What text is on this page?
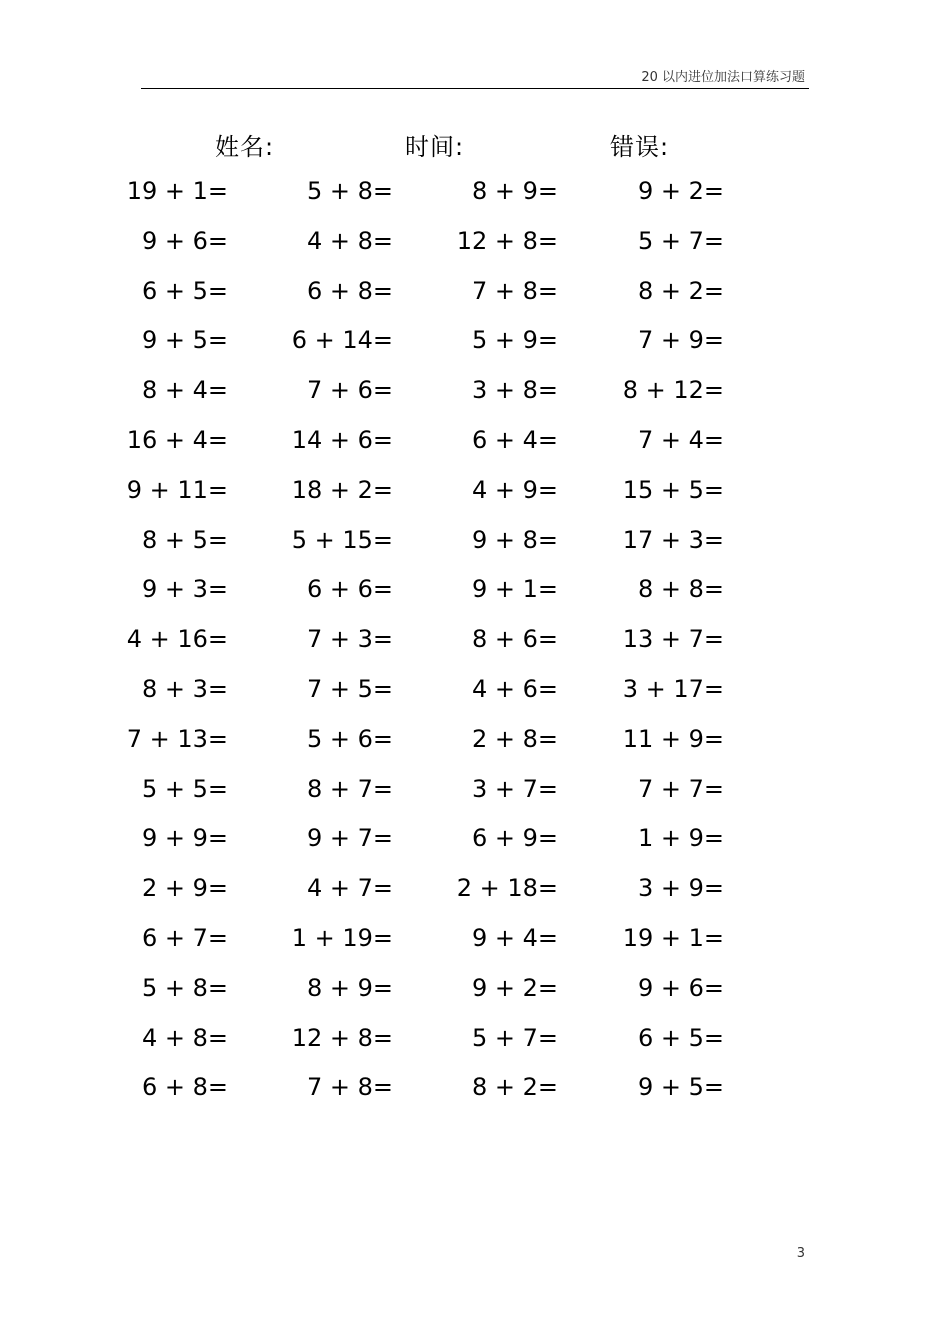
20 以内进位加法口算练习题
姓名:	时间:	错误:
19 + 1=	5 + 8=	8 + 9=	9 + 2=
9 + 6=	4 + 8=	12 + 8=	5 + 7=
6 + 5=	6 + 8=	7 + 8=	8 + 2=
9 + 5=	6 + 14=	5 + 9=	7 + 9=
8 + 4=	7 + 6=	3 + 8=	8 + 12=
16 + 4=	14 + 6=	6 + 4=	7 + 4=
9 + 11=	18 + 2=	4 + 9=	15 + 5=
8 + 5=	5 + 15=	9 + 8=	17 + 3=
9 + 3=	6 + 6=	9 + 1=	8 + 8=
4 + 16=	7 + 3=	8 + 6=	13 + 7=
8 + 3=	7 + 5=	4 + 6=	3 + 17=
7 + 13=	5 + 6=	2 + 8=	11 + 9=
5 + 5=	8 + 7=	3 + 7=	7 + 7=
9 + 9=	9 + 7=	6 + 9=	1 + 9=
2 + 9=	4 + 7=	2 + 18=	3 + 9=
6 + 7=	1 + 19=	9 + 4=	19 + 1=
5 + 8=	8 + 9=	9 + 2=	9 + 6=
4 + 8=	12 + 8=	5 + 7=	6 + 5=
6 + 8=	7 + 8=	8 + 2=	9 + 5=
3
